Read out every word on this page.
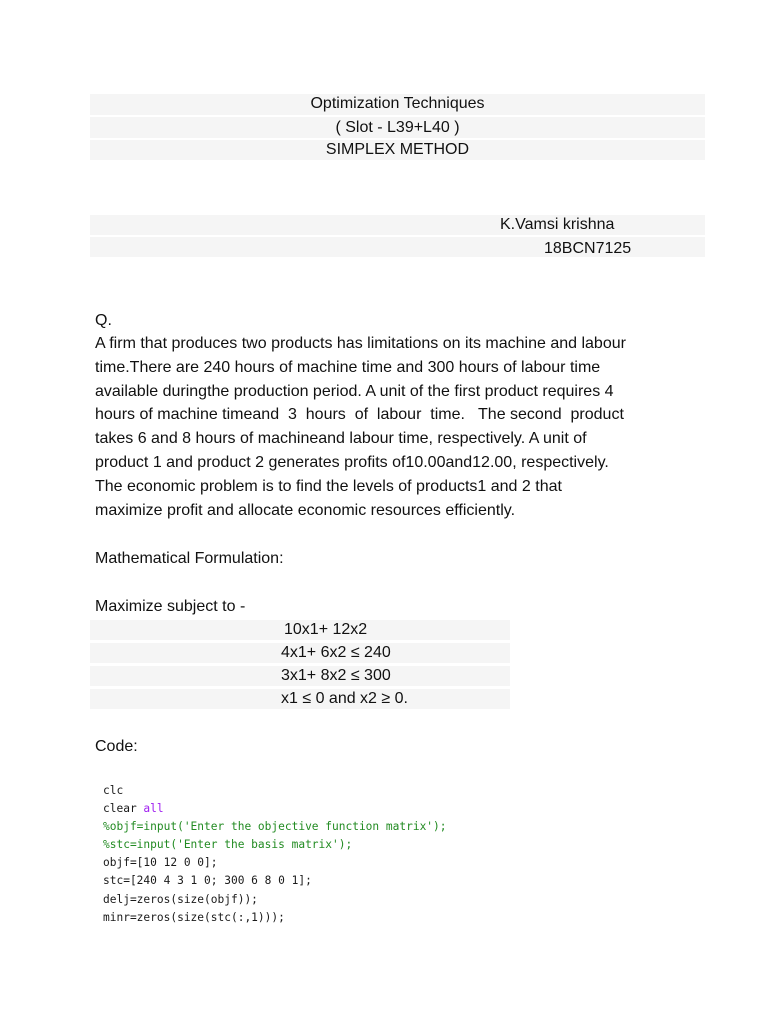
Optimization Techniques
( Slot - L39+L40 )
SIMPLEX METHOD
K.Vamsi krishna
18BCN7125
Q.
A firm that produces two products has limitations on its machine and labour
time.There are 240 hours of machine time and 300 hours of labour time
available duringthe production period. A unit of the first product requires 4
hours of machine timeand  3  hours  of  labour  time.   The second  product
takes 6 and 8 hours of machineand labour time, respectively. A unit of
product 1 and product 2 generates profits of10.00and12.00, respectively.
The economic problem is to find the levels of products1 and 2 that
maximize profit and allocate economic resources efficiently.
Mathematical Formulation:
Maximize subject to -
10x1+ 12x2
4x1+ 6x2 ≤ 240
3x1+ 8x2 ≤ 300
x1 ≤ 0 and x2 ≥ 0.
Code:
clc
clear all
%objf=input('Enter the objective function matrix');
%stc=input('Enter the basis matrix');
objf=[10 12 0 0];
stc=[240 4 3 1 0; 300 6 8 0 1];
delj=zeros(size(objf));
minr=zeros(size(stc(:,1)));
